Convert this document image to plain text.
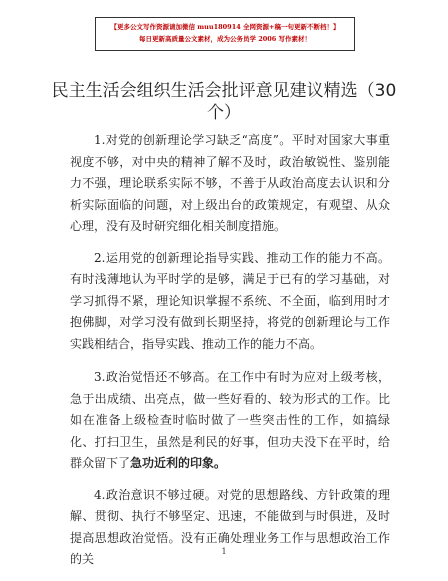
【更多公文写作资源请加微信 muu180914 全网资源+稿一句更新不断档！】
每日更新高质量公文素材，成为公务员学 2006 写作素材！
民主生活会组织生活会批评意见建议精选（30个）

1.对党的创新理论学习缺乏“高度”。平时对国家大事重视度不够，对中央的精神了解不及时，政治敏锐性、鉴别能力不强，理论联系实际不够，不善于从政治高度去认识和分析实际面临的问题，对上级出台的政策规定，有观望、从众心理，没有及时研究细化相关制度措施。

2.运用党的创新理论指导实践、推动工作的能力不高。有时浅薄地认为平时学的是够，满足于已有的学习基础，对学习抓得不紧，理论知识掌握不系统、不全面，临到用时才抱佛脚，对学习没有做到长期坚持，将党的创新理论与工作实践相结合，指导实践、推动工作的能力不高。

3.政治觉悟还不够高。在工作中有时为应对上级考核，急于出成绩、出亮点，做一些好看的、较为形式的工作。比如在准备上级检查时临时做了一些突击性的工作，如搞绿化、打扫卫生，虽然是利民的好事，但功夫没下在平时，给群众留下了急功近利的印象。

4.政治意识不够过硬。对党的思想路线、方针政策的理解、贯彻、执行不够坚定、迅速，不能做到与时俱进，及时提高思想政治觉悟。没有正确处理业务工作与思想政治工作的关

1
